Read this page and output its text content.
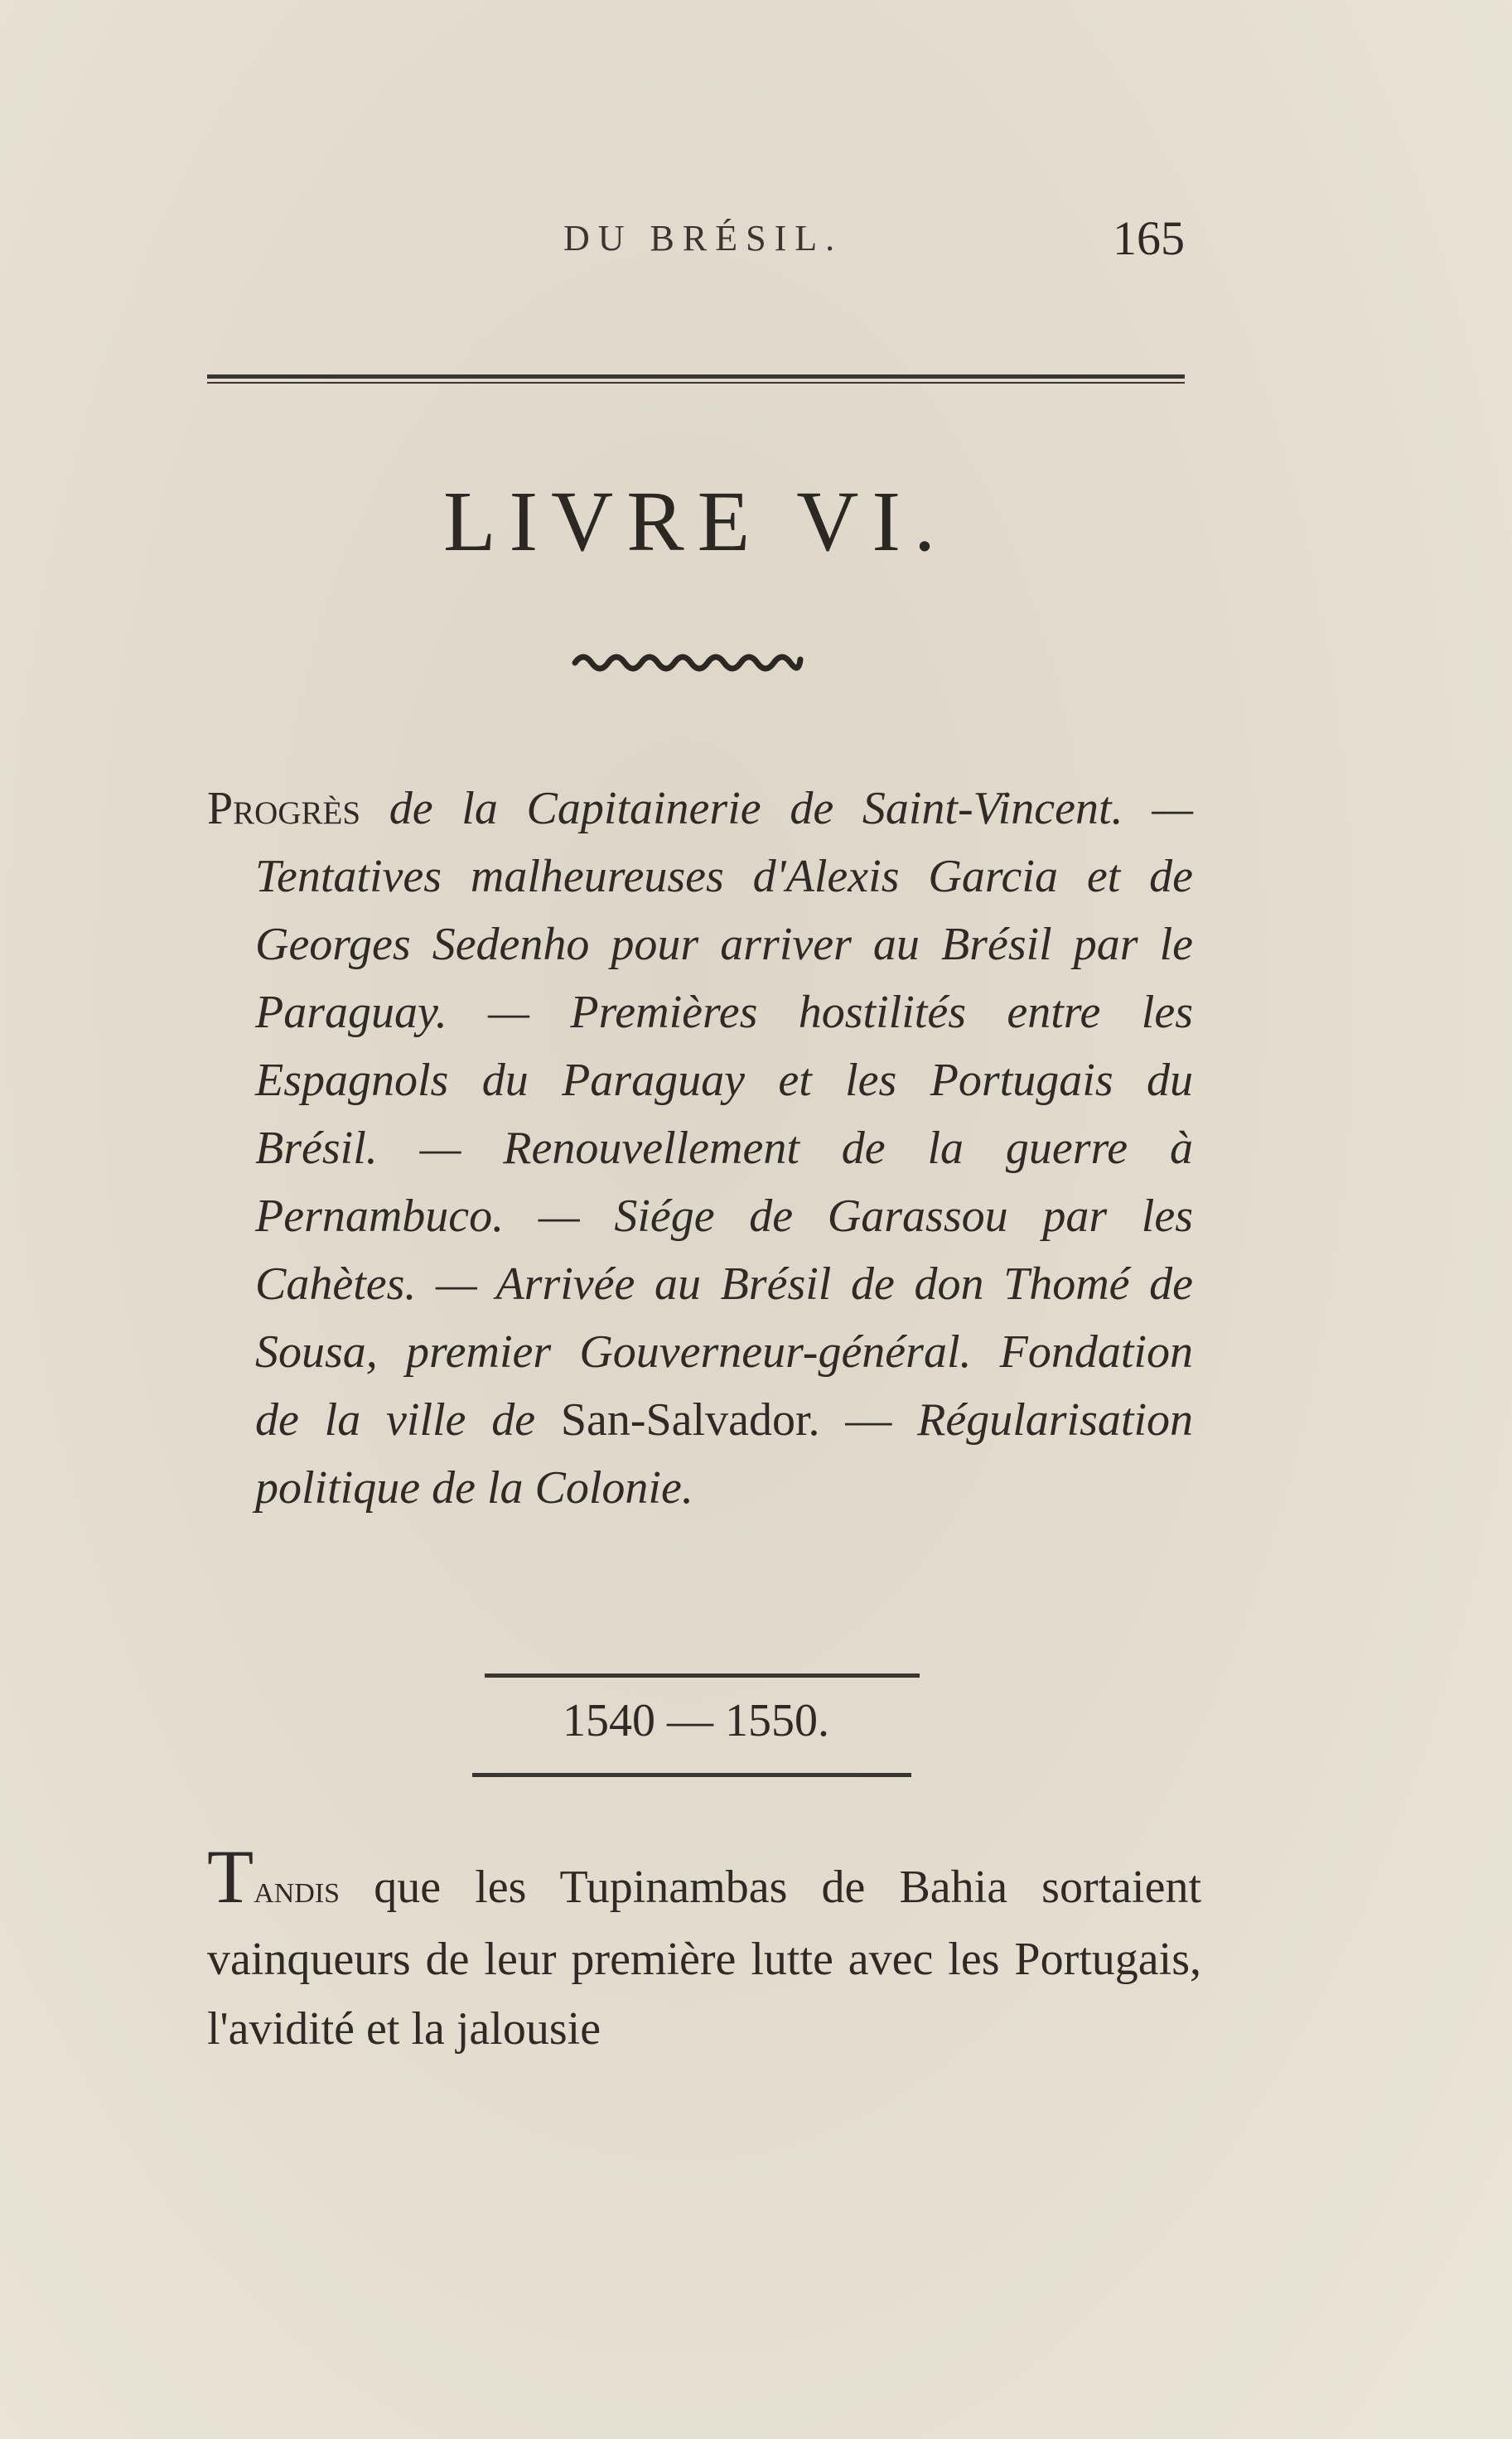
DU BRÉSIL.	165
LIVRE VI.

Progrès de la Capitainerie de Saint-Vincent. — Tentatives malheureuses d'Alexis Garcia et de Georges Sedenho pour arriver au Brésil par le Paraguay. — Premières hostilités entre les Espagnols du Paraguay et les Portugais du Brésil. — Renouvellement de la guerre à Pernambuco. — Siége de Garassou par les Cahètes. — Arrivée au Brésil de don Thomé de Sousa, premier Gouverneur-général. Fondation de la ville de San-Salvador. — Régularisation politique de la Colonie.

1540 — 1550.

Tandis que les Tupinambas de Bahia sortaient vainqueurs de leur première lutte avec les Portugais, l'avidité et la jalousie
